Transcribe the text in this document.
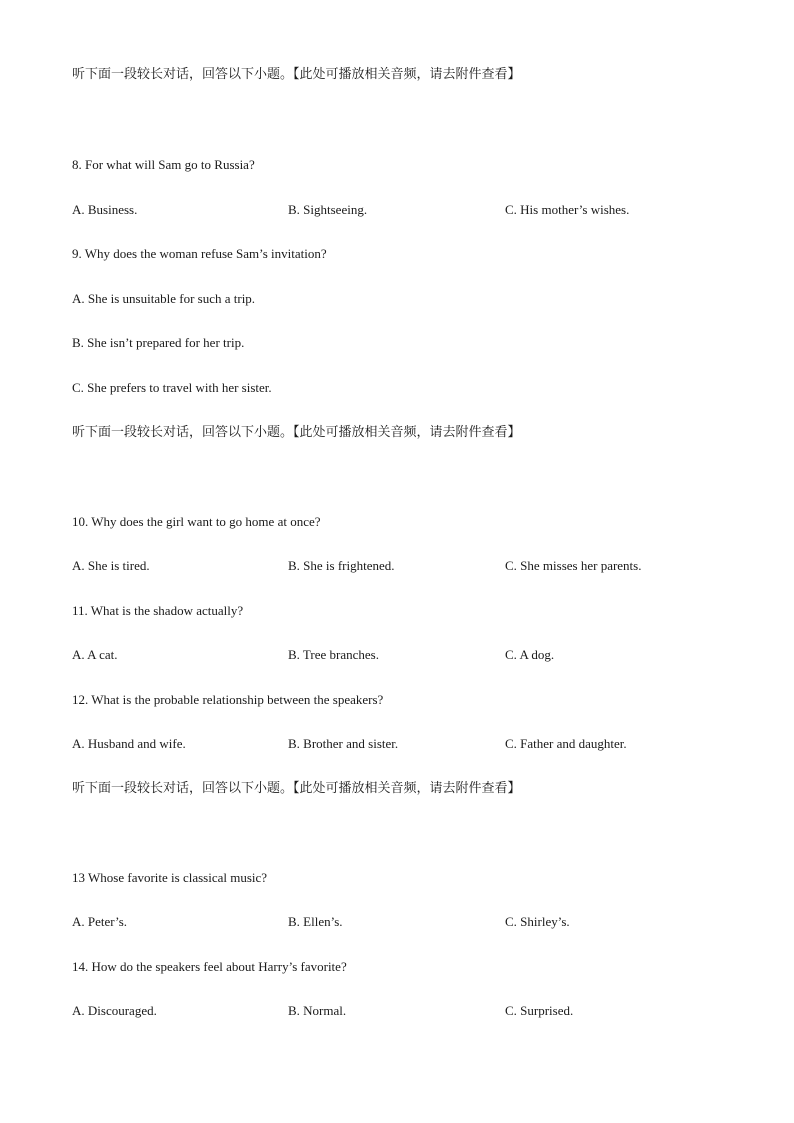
听下面一段较长对话，回答以下小题。【此处可播放相关音频，请去附件查看】
8. For what will Sam go to Russia?
A. Business.	B. Sightseeing.	C. His mother’s wishes.
9. Why does the woman refuse Sam’s invitation?
A. She is unsuitable for such a trip.
B. She isn’t prepared for her trip.
C. She prefers to travel with her sister.
听下面一段较长对话，回答以下小题。【此处可播放相关音频，请去附件查看】
10. Why does the girl want to go home at once?
A. She is tired.	B. She is frightened.	C. She misses her parents.
11. What is the shadow actually?
A. A cat.	B. Tree branches.	C. A dog.
12. What is the probable relationship between the speakers?
A. Husband and wife.	B. Brother and sister.	C. Father and daughter.
听下面一段较长对话，回答以下小题。【此处可播放相关音频，请去附件查看】
13 Whose favorite is classical music?
A. Peter’s.	B. Ellen’s.	C. Shirley’s.
14. How do the speakers feel about Harry’s favorite?
A. Discouraged.	B. Normal.	C. Surprised.
